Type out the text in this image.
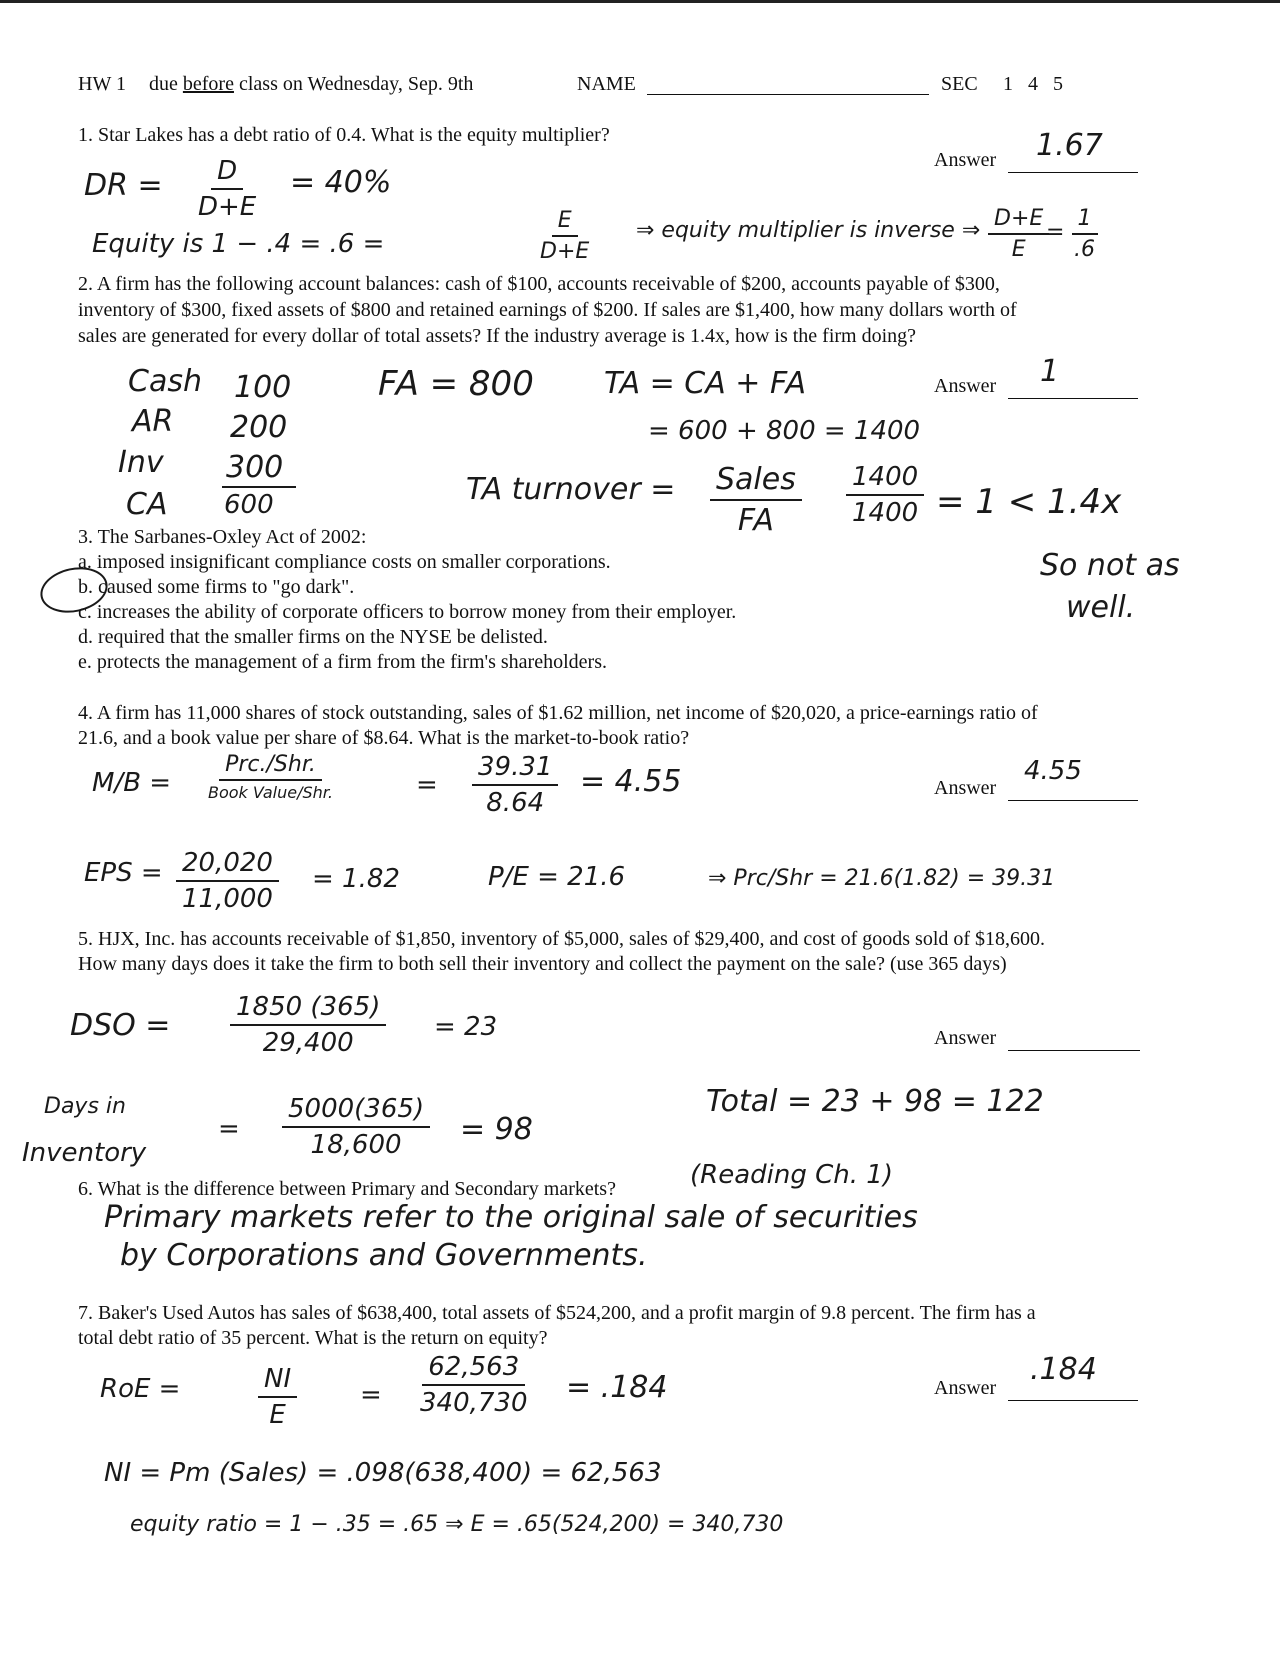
HW 1 due before class on Wednesday, Sep. 9th	NAME	SEC 1   4   5
1. Star Lakes has a debt ratio of 0.4. What is the equity multiplier?
Answer 1.67
DR = $\frac{D}{D+E} = 40\%$
Equity is 1 − .4 = .6 =	$\frac{E}{D+E}$ ⇒ equity multiplier is inverse ⇒ $\frac{D+E}{E}$
= $\frac{1}{.6}$
2. A firm has the following account balances: cash of $100, accounts receivable of $200, accounts payable of $300,
inventory of $300, fixed assets of $800 and retained earnings of $200. If sales are $1,400, how many dollars worth of
sales are generated for every dollar of total assets? If the industry average is 1.4x, how is the firm doing?
Answer 1
Cash 100
AR 200
Inv 300
CA 600
FA = 800 TA = CA + FA
= 600 + 800 = 1400
TA turnover = Sales
FA	$\frac{1400}{1400} = 1 < 1.4x$
So not as
well.
3. The Sarbanes-Oxley Act of 2002:
a. imposed insignificant compliance costs on smaller corporations.
b. caused some firms to "go dark".
c. increases the ability of corporate officers to borrow money from their employer.
d. required that the smaller firms on the NYSE be delisted.
e. protects the management of a firm from the firm's shareholders.
4. A firm has 11,000 shares of stock outstanding, sales of $1.62 million, net income of $20,020, a price-earnings ratio of
21.6, and a book value per share of $8.64. What is the market-to-book ratio?
Answer
4.55
M/B =
Prc./Shr.
Book Value/Shr.	= $\frac{39.31}{8.64} = 4.55$
EPS = $\frac{20,020}{11,000} = 1.82$	P/E = 21.6	⇒ Prc/Shr = 21.6(1.82) = 39.31
5. HJX, Inc. has accounts receivable of $1,850, inventory of $5,000, sales of $29,400, and cost of goods sold of $18,600.
How many days does it take the firm to both sell their inventory and collect the payment on the sale? (use 365 days)
Answer
DSO = $\frac{1850 (365)}{29,400} = 23$
Days in
Inventory
= $\frac{5000(365)}{18,600} = 98$
Total = 23 + 98 = 122
6. What is the difference between Primary and Secondary markets?	(Reading Ch. 1)
Primary markets refer to the original sale of securities
by Corporations and Governments.
7. Baker's Used Autos has sales of $638,400, total assets of $524,200, and a profit margin of 9.8 percent. The firm has a
total debt ratio of 35 percent. What is the return on equity?
Answer
.184
RoE =	$\frac{NI}{E} = \frac{62,563}{340,730} = .184$
NI = Pm (Sales) = .098(638,400) = 62,563
equity ratio = 1 − .35 = .65 ⇒ E = .65(524,200) = 340,730
